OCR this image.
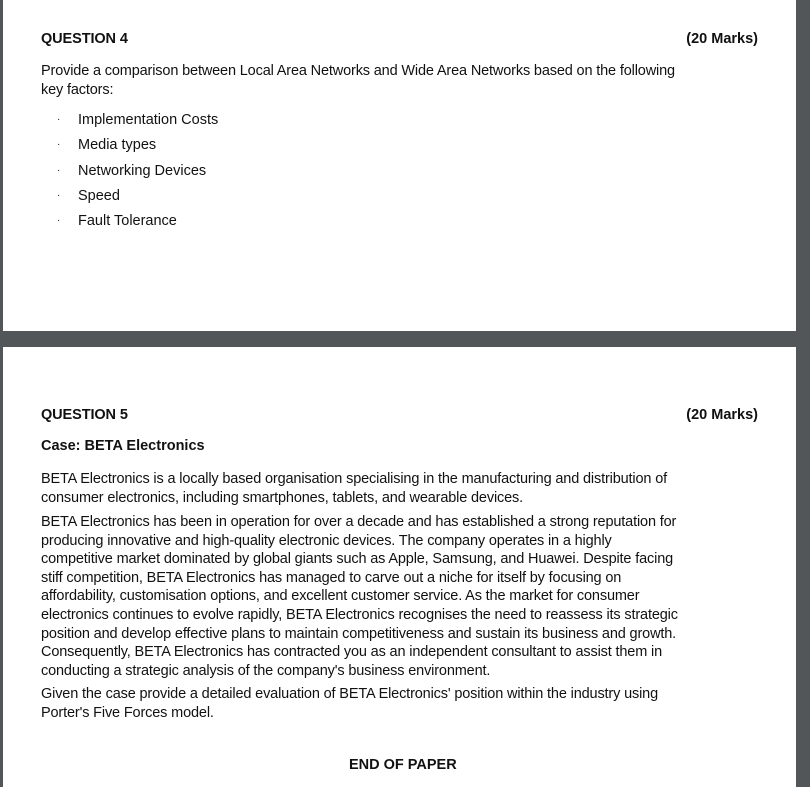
QUESTION 4	(20 Marks)
Provide a comparison between Local Area Networks and Wide Area Networks based on the following key factors:
· Implementation Costs
· Media types
· Networking Devices
· Speed
· Fault Tolerance
QUESTION 5	(20 Marks)
Case: BETA Electronics
BETA Electronics is a locally based organisation specialising in the manufacturing and distribution of consumer electronics, including smartphones, tablets, and wearable devices.
BETA Electronics has been in operation for over a decade and has established a strong reputation for producing innovative and high-quality electronic devices. The company operates in a highly competitive market dominated by global giants such as Apple, Samsung, and Huawei. Despite facing stiff competition, BETA Electronics has managed to carve out a niche for itself by focusing on affordability, customisation options, and excellent customer service. As the market for consumer electronics continues to evolve rapidly, BETA Electronics recognises the need to reassess its strategic position and develop effective plans to maintain competitiveness and sustain its business and growth. Consequently, BETA Electronics has contracted you as an independent consultant to assist them in conducting a strategic analysis of the company's business environment.
Given the case provide a detailed evaluation of BETA Electronics' position within the industry using Porter's Five Forces model.
END OF PAPER
